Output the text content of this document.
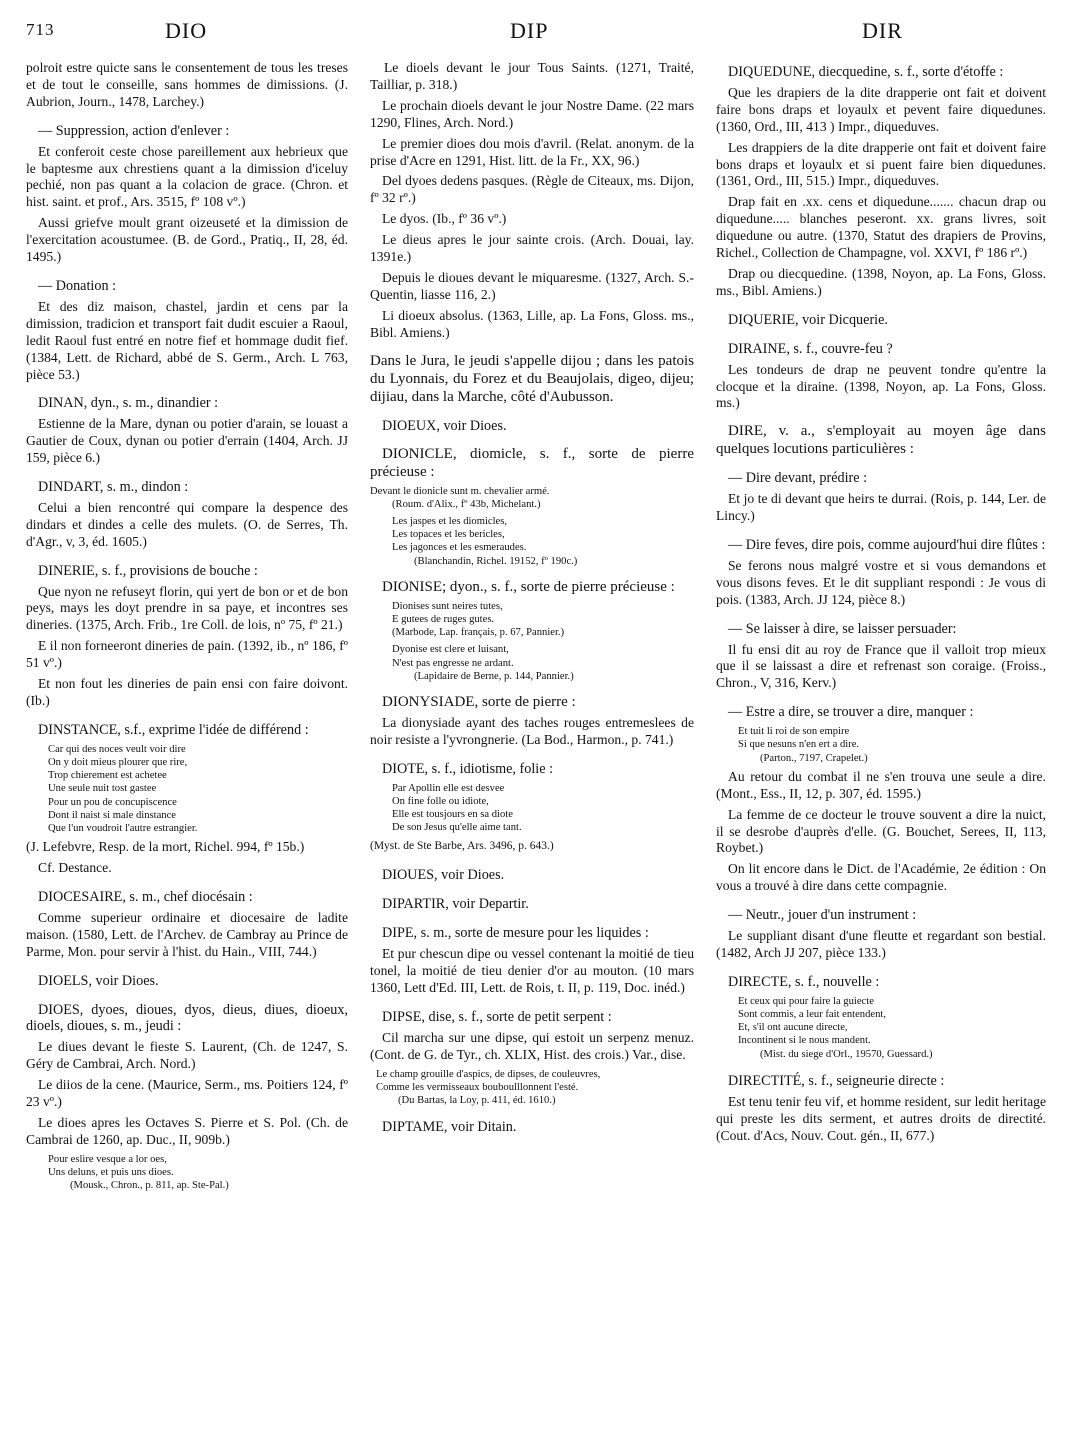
713	DIO	DIP	DIR
polroit estre quicte sans le consentement de tous les treses et de tout le conseille, sans hommes de dimissions. (J. Aubrion, Journ., 1478, Larchey.)
— Suppression, action d'enlever :
Et conferoit ceste chose pareillement aux hebrieux que le baptesme aux chrestiens quant a la dimission d'iceluy pechié, non pas quant a la colacion de grace. (Chron. et hist. saint. et prof., Ars. 3515, fº 108 vº.)
Aussi griefve moult grant oizeuseté et la dimission de l'exercitation acoustumee. (B. de Gord., Pratiq., II, 28, éd. 1495.)
— Donation :
Et des diz maison, chastel, jardin et cens par la dimission, tradicion et transport fait dudit escuier a Raoul, ledit Raoul fust entré en notre fief et hommage dudit fief. (1384, Lett. de Richard, abbé de S. Germ., Arch. L 763, pièce 53.)
DINAN, dyn., s. m., dinandier :
Estienne de la Mare, dynan ou potier d'arain, se louast a Gautier de Coux, dynan ou potier d'errain (1404, Arch. JJ 159, pièce 6.)
DINDART, s. m., dindon :
Celui a bien rencontré qui compare la despence des dindars et dindes a celle des mulets. (O. de Serres, Th. d'Agr., v, 3, éd. 1605.)
DINERIE, s. f., provisions de bouche :
Que nyon ne refuseyt florin, qui yert de bon or et de bon peys, mays les doyt prendre in sa paye, et incontres ses dineries. (1375, Arch. Frib., 1re Coll. de lois, nº 75, fº 21.)
E il non forneeront dineries de pain. (1392, ib., nº 186, fº 51 vº.)
Et non fout les dineries de pain ensi con faire doivont. (Ib.)
DINSTANCE, s.f., exprime l'idée de différend :
Car qui des noces veult voir dire
On y doit mieus plourer que rire,
Trop chierement est achetee
Une seule nuit tost gastee
Pour un pou de concupiscence
Dont il naist si male dinstance
Que l'un voudroit l'autre estrangier.
(J. Lefebvre, Resp. de la mort, Richel. 994, fº 15b.)
Cf. Destance.
DIOCESAIRE, s. m., chef diocésain :
Comme superieur ordinaire et diocesaire de ladite maison. (1580, Lett. de l'Archev. de Cambray au Prince de Parme, Mon. pour servir à l'hist. du Hain., VIII, 744.)
DIOELS, voir Dioes.
DIOES, dyoes, dioues, dyos, dieus, diues, dioeux, dioels, dioues, s. m., jeudi :
Le diues devant le fieste S. Laurent, (Ch. de 1247, S. Géry de Cambrai, Arch. Nord.)
Le diios de la cene. (Maurice, Serm., ms. Poitiers 124, fº 23 vº.)
Le dioes apres les Octaves S. Pierre et S. Pol. (Ch. de Cambrai de 1260, ap. Duc., II, 909b.)
Pour eslire vesque a lor oes,
Uns deluns, et puis uns dioes.
(Mousk., Chron., p. 811, ap. Ste-Pal.)
Le dioels devant le jour Tous Saints. (1271, Traité, Tailliar, p. 318.)
Le prochain dioels devant le jour Nostre Dame. (22 mars 1290, Flines, Arch. Nord.)
Le premier dioes dou mois d'avril. (Relat. anonym. de la prise d'Acre en 1291, Hist. litt. de la Fr., XX, 96.)
Del dyoes dedens pasques. (Règle de Citeaux, ms. Dijon, fº 32 rº.)
Le dyos. (Ib., fº 36 vº.)
Le dieus apres le jour sainte crois. (Arch. Douai, lay. 1391e.)
Depuis le dioues devant le miquaresme. (1327, Arch. S.-Quentin, liasse 116, 2.)
Li dioeux absolus. (1363, Lille, ap. La Fons, Gloss. ms., Bibl. Amiens.)
Dans le Jura, le jeudi s'appelle dijou ; dans les patois du Lyonnais, du Forez et du Beaujolais, digeo, dijeu; dijiau, dans la Marche, côté d'Aubusson.
DIOEUX, voir Dioes.
DIONICLE, diomicle, s. f., sorte de pierre précieuse :
Devant le dionicle sunt m. chevalier armé.
(Roum. d'Alix., fº 43b, Michelant.)
Les jaspes et les diomicles,
Les topaces et les bericles,
Les jagonces et les esmeraudes.
(Blanchandin, Richel. 19152, fº 190c.)
DIONISE; dyon., s. f., sorte de pierre précieuse :
Dionises sunt neires tutes,
E gutees de ruges gutes.
(Marbode, Lap. français, p. 67, Pannier.)
Dyonise est clere et luisant,
N'est pas engresse ne ardant.
(Lapidaire de Berne, p. 144, Pannier.)
DIONYSIADE, sorte de pierre :
La dionysiade ayant des taches rouges entremeslees de noir resiste a l'yvrongnerie. (La Bod., Harmon., p. 741.)
DIOTE, s. f., idiotisme, folie :
Par Apollin elle est desvee
On fine folle ou idiote,
Elle est tousjours en sa diote
De son Jesus qu'elle aime tant.
(Myst. de Ste Barbe, Ars. 3496, p. 643.)
DIOUES, voir Dioes.
DIPARTIR, voir Departir.
DIPE, s. m., sorte de mesure pour les liquides :
Et pur chescun dipe ou vessel contenant la moitié de tieu tonel, la moitié de tieu denier d'or au mouton. (10 mars 1360, Lett d'Ed. III, Lett. de Rois, t. II, p. 119, Doc. inéd.)
DIPSE, dise, s. f., sorte de petit serpent :
Cil marcha sur une dipse, qui estoit un serpenz menuz. (Cont. de G. de Tyr., ch. XLIX, Hist. des crois.) Var., dise.
Le champ grouille d'aspics, de dipses, de couleuvres,
Comme les vermisseaux bouboulllonnent l'esté.
(Du Bartas, la Loy, p. 411, éd. 1610.)
DIPTAME, voir Ditain.
DIQUEDUNE, diecquedine, s. f., sorte d'étoffe :
Que les drapiers de la dite drapperie ont fait et doivent faire bons draps et loyaulx et pevent faire diquedunes. (1360, Ord., III, 413 ) Impr., diqueduves.
Les drappiers de la dite drapperie ont fait et doivent faire bons draps et loyaulx et si puent faire bien diquedunes. (1361, Ord., III, 515.) Impr., diqueduves.
Drap fait en .xx. cens et diquedune....... chacun drap ou diquedune..... blanches peseront. xx. grans livres, soit diquedune ou autre. (1370, Statut des drapiers de Provins, Richel., Collection de Champagne, vol. XXVI, fº 186 rº.)
Drap ou diecquedine. (1398, Noyon, ap. La Fons, Gloss. ms., Bibl. Amiens.)
DIQUERIE, voir Dicquerie.
DIRAINE, s. f., couvre-feu ?
Les tondeurs de drap ne peuvent tondre qu'entre la clocque et la diraine. (1398, Noyon, ap. La Fons, Gloss. ms.)
DIRE, v. a., s'employait au moyen âge dans quelques locutions particulières :
— Dire devant, prédire :
Et jo te di devant que heirs te durrai. (Rois, p. 144, Ler. de Lincy.)
— Dire feves, dire pois, comme aujourd'hui dire flûtes :
Se ferons nous malgré vostre et si vous demandons et vous disons feves. Et le dit suppliant respondi : Je vous di pois. (1383, Arch. JJ 124, pièce 8.)
— Se laisser à dire, se laisser persuader:
Il fu ensi dit au roy de France que il valloit trop mieux que il se laissast a dire et refrenast son coraige. (Froiss., Chron., V, 316, Kerv.)
— Estre a dire, se trouver a dire, manquer :
Et tuit li roi de son empire
Si que nesuns n'en ert a dire.
(Parton., 7197, Crapelet.)
Au retour du combat il ne s'en trouva une seule a dire. (Mont., Ess., II, 12, p. 307, éd. 1595.)
La femme de ce docteur le trouve souvent a dire la nuict, il se desrobe d'auprès d'elle. (G. Bouchet, Serees, II, 113, Roybet.)
On lit encore dans le Dict. de l'Académie, 2e édition : On vous a trouvé à dire dans cette compagnie.
— Neutr., jouer d'un instrument :
Le suppliant disant d'une fleutte et regardant son bestial. (1482, Arch JJ 207, pièce 133.)
DIRECTE, s. f., nouvelle :
Et ceux qui pour faire la guiecte
Sont commis, a leur fait entendent,
Et, s'il ont aucune directe,
Incontinent si le nous mandent.
(Mist. du siege d'Orl., 19570, Guessard.)
DIRECTITÉ, s. f., seigneurie directe :
Est tenu tenir feu vif, et homme resident, sur ledit heritage qui preste les dits serment, et autres droits de directité. (Cout. d'Acs, Nouv. Cout. gén., II, 677.)
